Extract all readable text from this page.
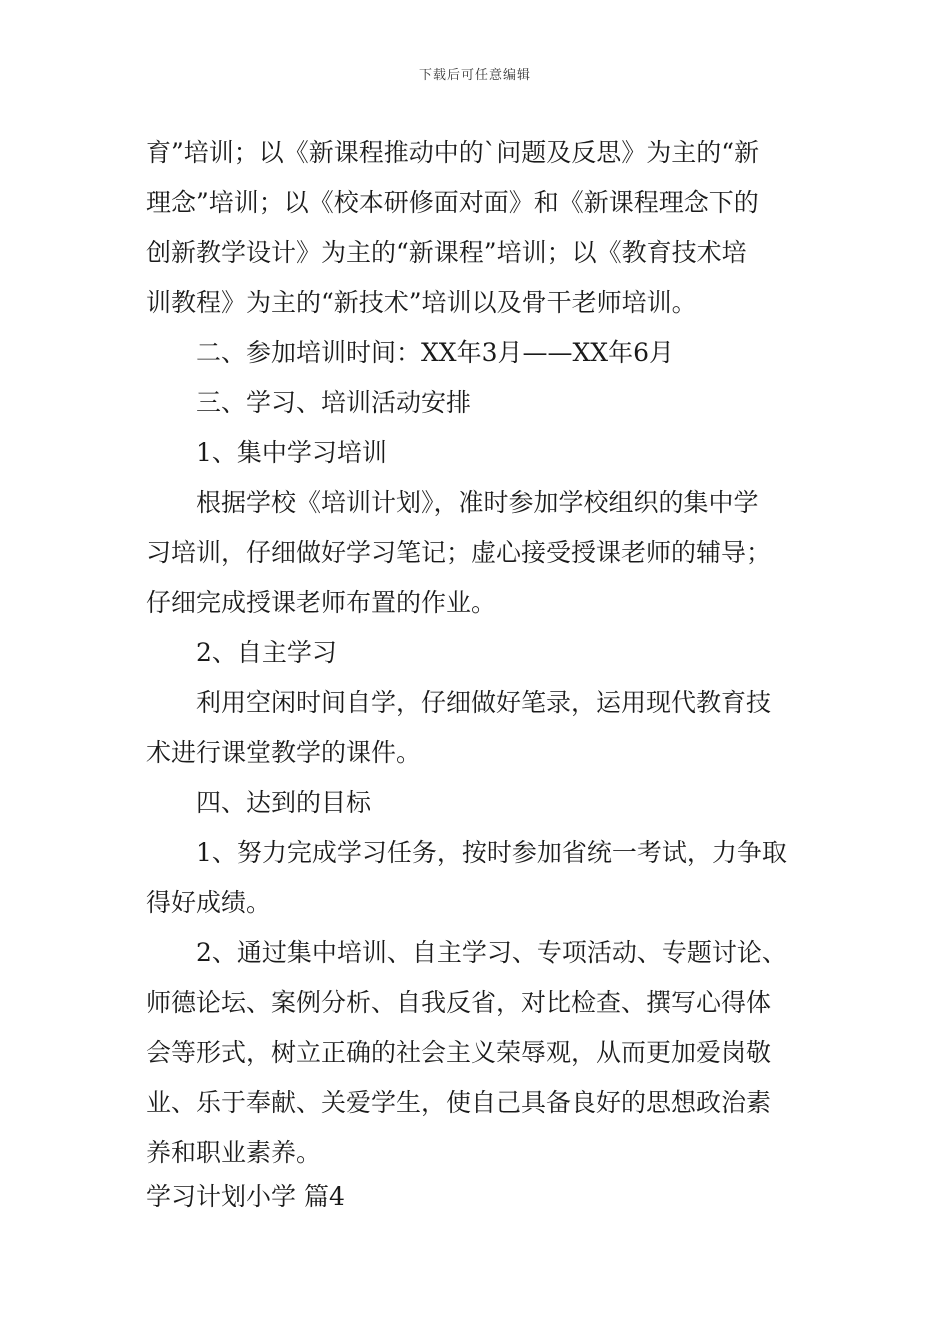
下载后可任意编辑
育”培训；以《新课程推动中的`问题及反思》为主的“新
理念”培训；以《校本研修面对面》和《新课程理念下的
创新教学设计》为主的“新课程”培训；以《教育技术培
训教程》为主的“新技术”培训以及骨干老师培训。
二、参加培训时间：XX年3月——XX年6月
三、学习、培训活动安排
1、集中学习培训
根据学校《培训计划》，准时参加学校组织的集中学
习培训，仔细做好学习笔记；虚心接受授课老师的辅导；
仔细完成授课老师布置的作业。
2、自主学习
利用空闲时间自学，仔细做好笔录，运用现代教育技
术进行课堂教学的课件。
四、达到的目标
1、努力完成学习任务，按时参加省统一考试，力争取
得好成绩。
2、通过集中培训、自主学习、专项活动、专题讨论、
师德论坛、案例分析、自我反省，对比检查、撰写心得体
会等形式，树立正确的社会主义荣辱观，从而更加爱岗敬
业、乐于奉献、关爱学生，使自己具备良好的思想政治素
养和职业素养。
学习计划小学 篇4
